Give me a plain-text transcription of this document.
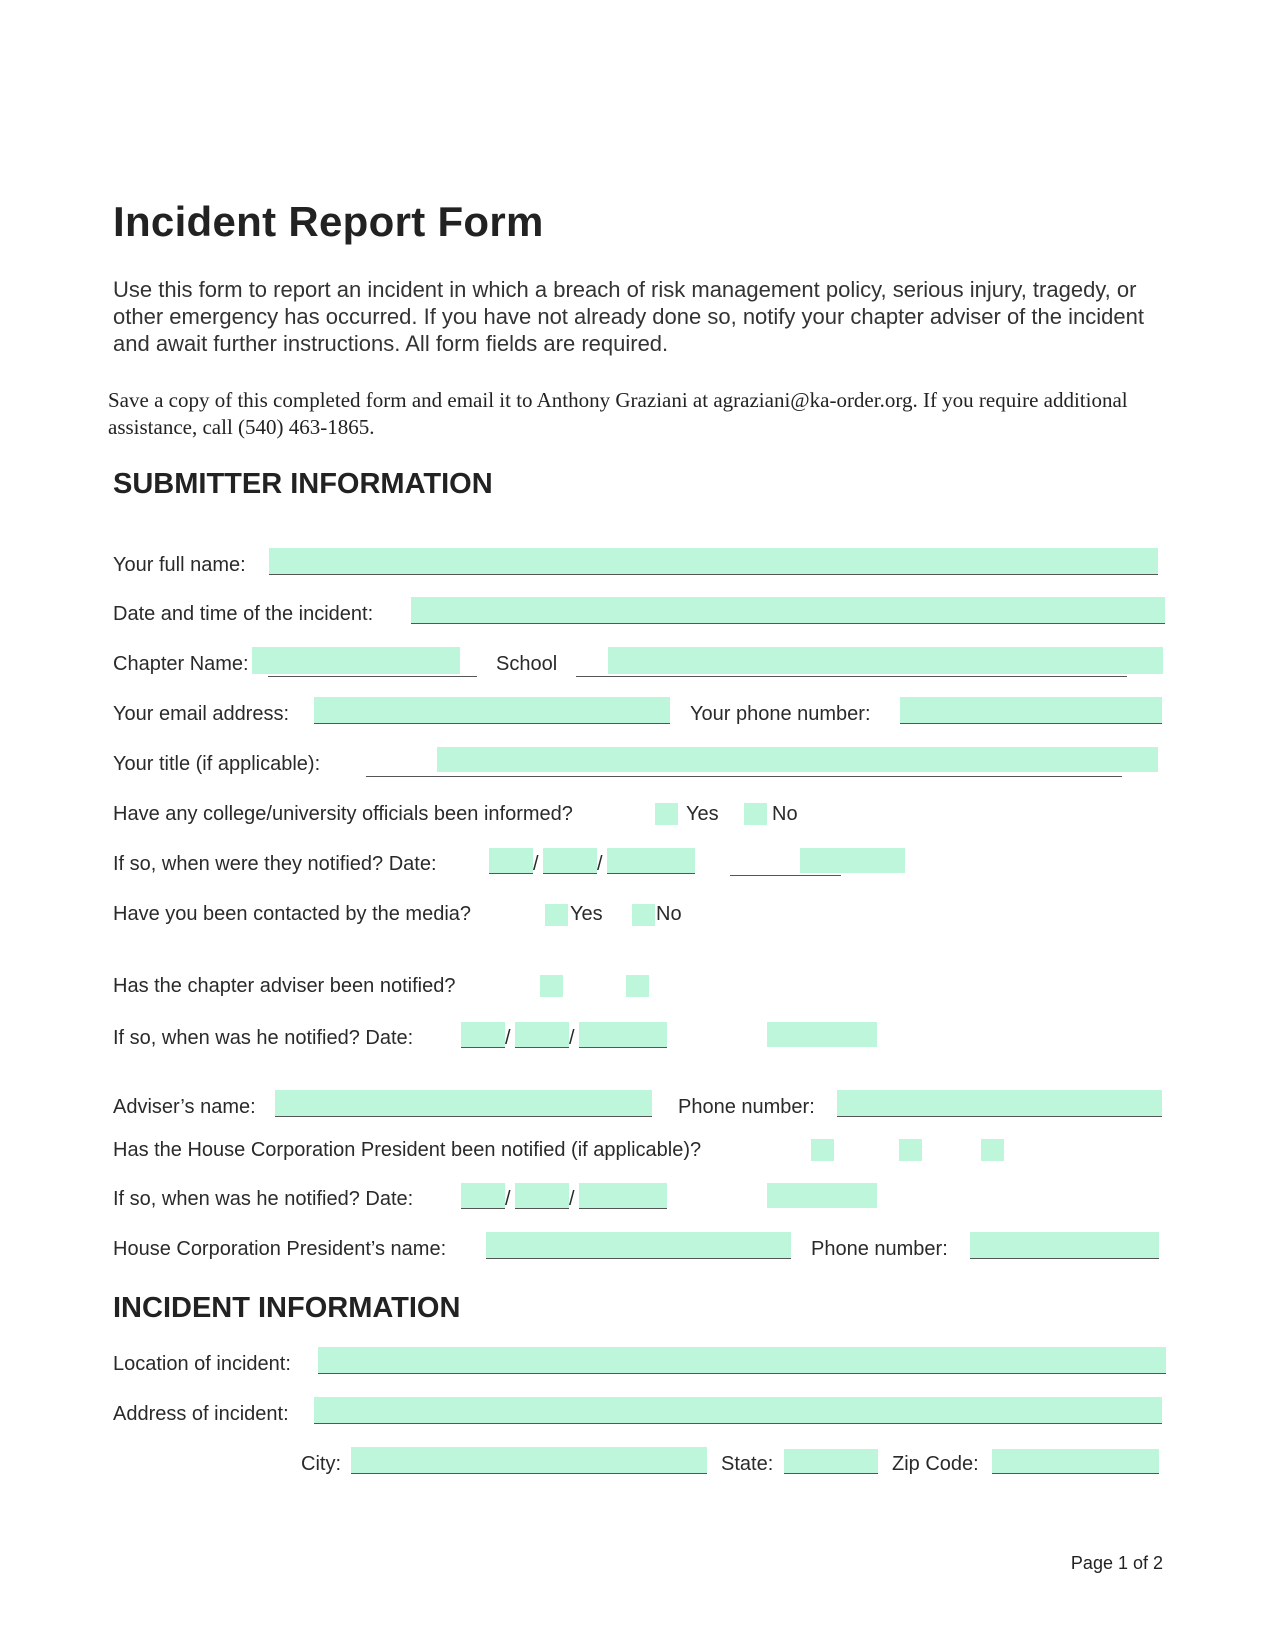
Incident Report Form
Use this form to report an incident in which a breach of risk management policy, serious injury, tragedy, or other emergency has occurred. If you have not already done so, notify your chapter adviser of the incident and await further instructions. All form fields are required.
Save a copy of this completed form and email it to Anthony Graziani at agraziani@ka-order.org. If you require additional assistance, call (540) 463-1865.
SUBMITTER INFORMATION
Your full name:
Date and time of the incident:
Chapter Name:	School
Your email address:	Your phone number:
Your title (if applicable):
Have any college/university officials been informed?	Yes	No
If so, when were they notified? Date:	/	/
Have you been contacted by the media?	Yes	No
Has the chapter adviser been notified?
If so, when was he notified? Date:	/	/
Adviser’s name:	Phone number:
Has the House Corporation President been notified (if applicable)?
If so, when was he notified? Date:	/	/
House Corporation President’s name:	Phone number:
INCIDENT INFORMATION
Location of incident:
Address of incident:
City:	State:	Zip Code:
Page 1 of 2
